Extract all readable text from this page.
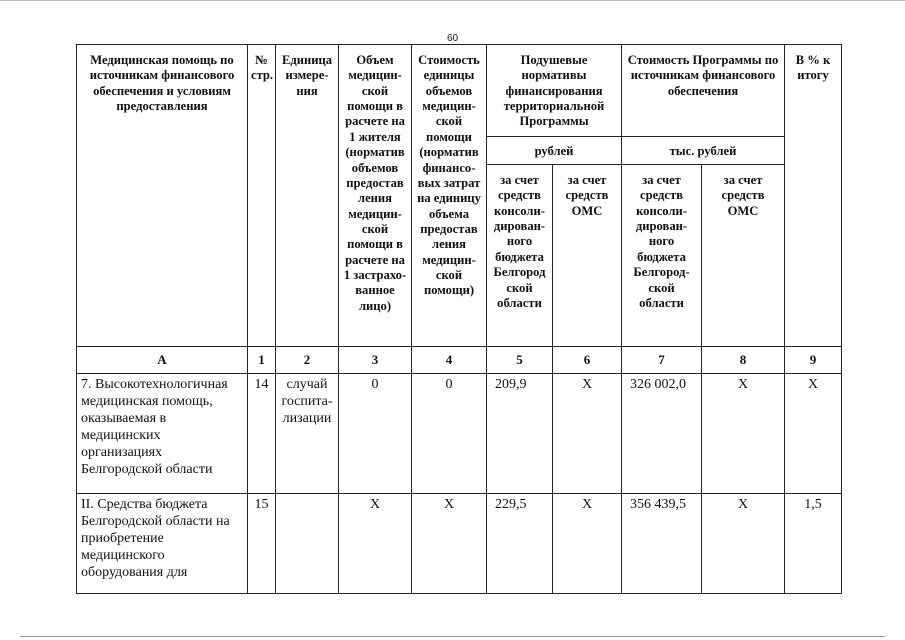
60
Медицинская помощь по источникам финансового обеспечения и условиям предоставления	№ стр.	Единица измере-ния	Объем медицин-ской помощи в расчете на 1 жителя (норматив объемов предостав ления медицин-ской помощи в расчете на 1 застрахо-ванное лицо)	Стоимость единицы объемов медицин-ской помощи (норматив финансо-вых затрат на единицу объема предостав ления медицин-ской помощи)	Подушевые нормативы финансирования территориальной Программы		Стоимость Программы по источникам финансового обеспечения		В % к итогу
					рублей		тыс. рублей		
					за счет средств консоли-дирован-ного бюджета Белгород ской области	за счет средств ОМС	за счет средств консоли-дирован-ного бюджета Белгород-ской области	за счет средств ОМС	
А	1	2	3	4	5	6	7	8	9
7. Высокотехнологичная медицинская помощь, оказываемая в медицинских организациях Белгородской области	14	случай госпита-лизации	0	0	209,9	Х	326 002,0	Х	Х
II. Средства бюджета Белгородской области на приобретение медицинского оборудования для	15		Х	Х	229,5	Х	356 439,5	Х	1,5
